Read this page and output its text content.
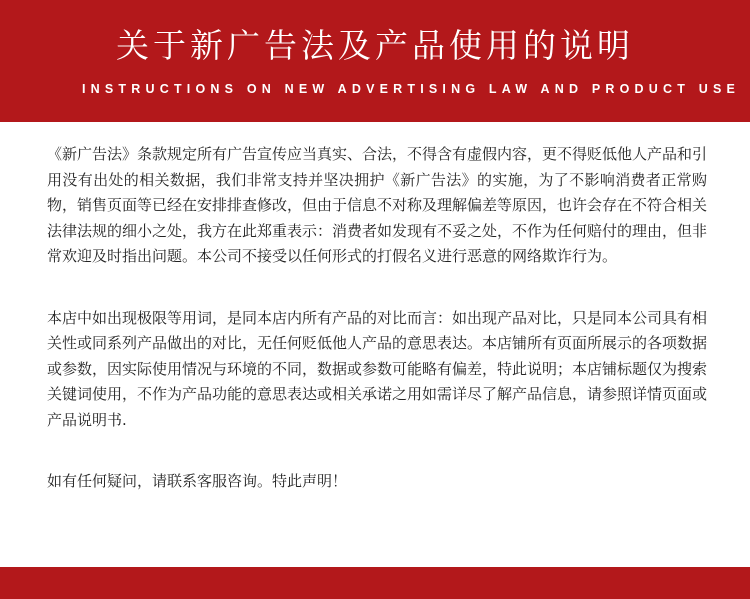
关于新广告法及产品使用的说明
INSTRUCTIONS ON NEW ADVERTISING LAW AND PRODUCT USE

《新广告法》条款规定所有广告宣传应当真实、合法，不得含有虚假内容，更不得贬低他人产品和引用没有出处的相关数据，我们非常支持并坚决拥护《新广告法》的实施，为了不影响消费者正常购物，销售页面等已经在安排排查修改，但由于信息不对称及理解偏差等原因，也许会存在不符合相关法律法规的细小之处，我方在此郑重表示：消费者如发现有不妥之处，不作为任何赔付的理由，但非常欢迎及时指出问题。本公司不接受以任何形式的打假名义进行恶意的网络欺诈行为。

本店中如出现极限等用词，是同本店内所有产品的对比而言：如出现产品对比，只是同本公司具有相关性或同系列产品做出的对比，无任何贬低他人产品的意思表达。本店铺所有页面所展示的各项数据或参数，因实际使用情况与环境的不同，数据或参数可能略有偏差，特此说明；本店铺标题仅为搜索关键词使用，不作为产品功能的意思表达或相关承诺之用如需详尽了解产品信息，请参照详情页面或产品说明书.

如有任何疑问，请联系客服咨询。特此声明！
